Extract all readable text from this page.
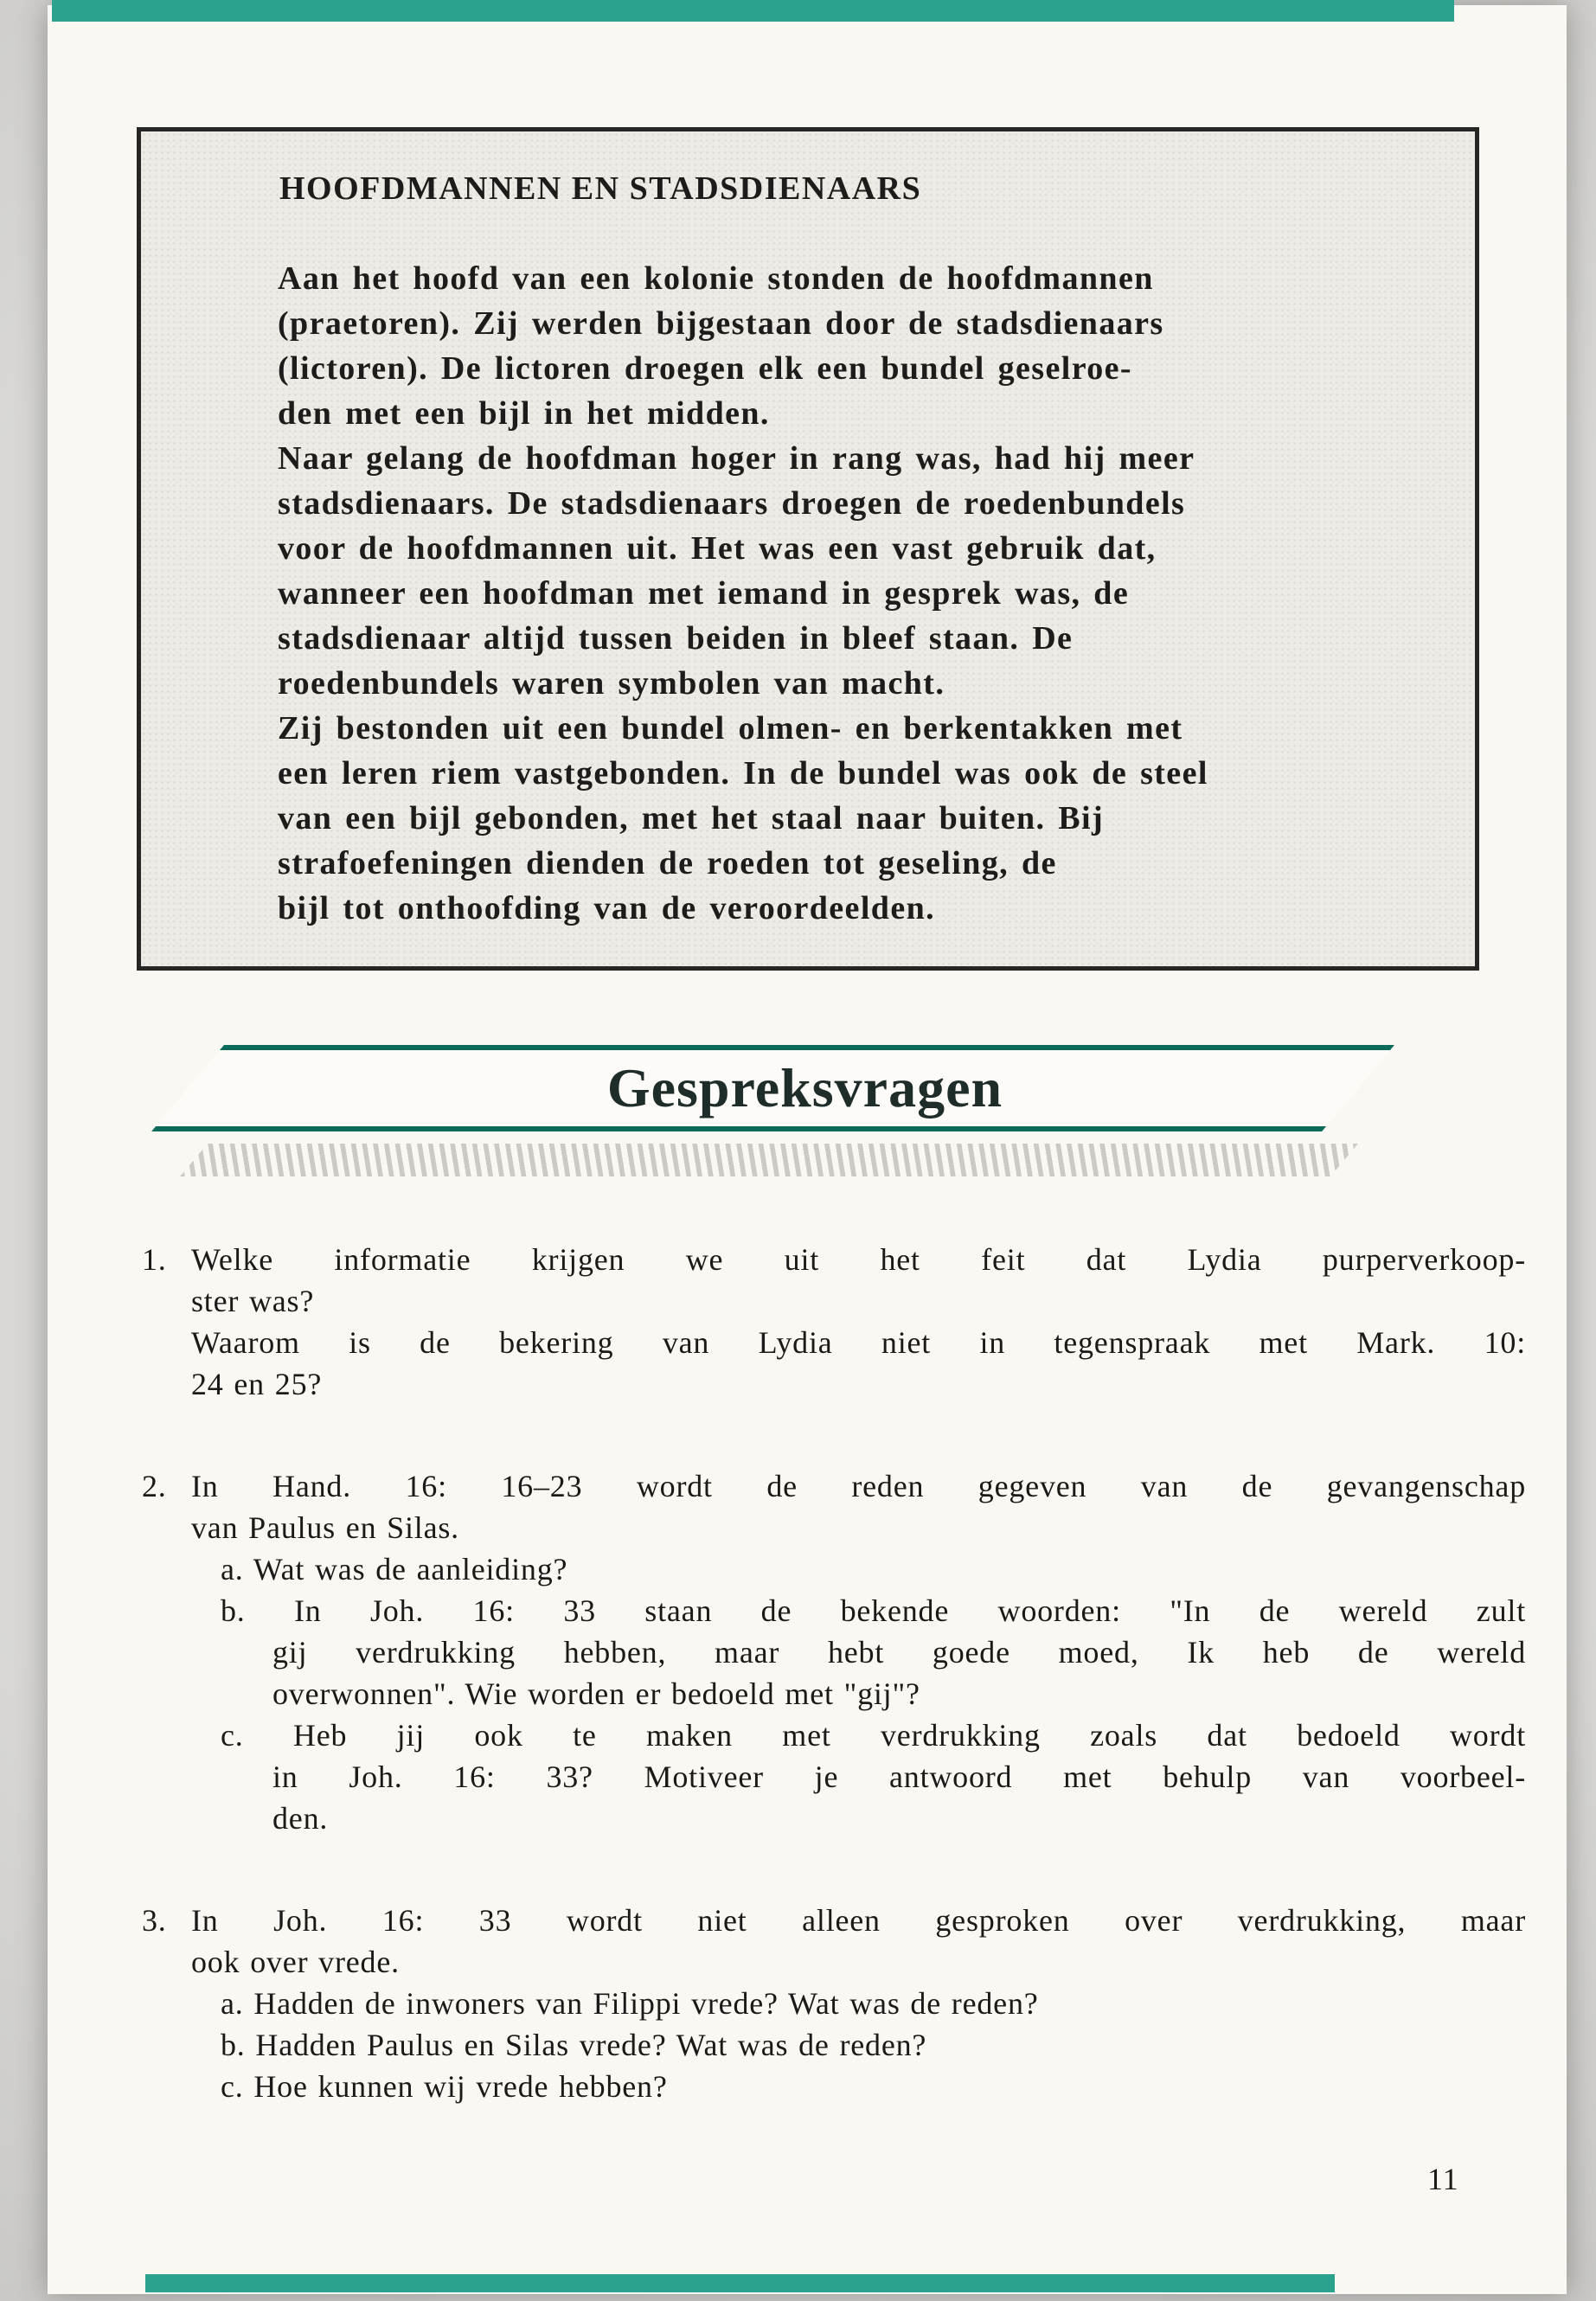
HOOFDMANNEN EN STADSDIENAARS
Aan het hoofd van een kolonie stonden de hoofdmannen
(praetoren). Zij werden bijgestaan door de stadsdienaars
(lictoren). De lictoren droegen elk een bundel geselroe-
den met een bijl in het midden.
Naar gelang de hoofdman hoger in rang was, had hij meer
stadsdienaars. De stadsdienaars droegen de roedenbundels
voor de hoofdmannen uit. Het was een vast gebruik dat,
wanneer een hoofdman met iemand in gesprek was, de
stadsdienaar altijd tussen beiden in bleef staan. De
roedenbundels waren symbolen van macht.
Zij bestonden uit een bundel olmen- en berkentakken met
een leren riem vastgebonden. In de bundel was ook de steel
van een bijl gebonden, met het staal naar buiten. Bij
strafoefeningen dienden de roeden tot geseling, de
bijl tot onthoofding van de veroordeelden.
Gespreksvragen
1. Welke informatie krijgen we uit het feit dat Lydia purperverkoop-
ster was?
Waarom is de bekering van Lydia niet in tegenspraak met Mark. 10:
24 en 25?
2. In Hand. 16: 16–23 wordt de reden gegeven van de gevangenschap
van Paulus en Silas.
a. Wat was de aanleiding?
b. In Joh. 16: 33 staan de bekende woorden: "In de wereld zult
gij verdrukking hebben, maar hebt goede moed, Ik heb de wereld
overwonnen". Wie worden er bedoeld met "gij"?
c. Heb jij ook te maken met verdrukking zoals dat bedoeld wordt
in Joh. 16: 33? Motiveer je antwoord met behulp van voorbeel-
den.
3. In Joh. 16: 33 wordt niet alleen gesproken over verdrukking, maar
ook over vrede.
a. Hadden de inwoners van Filippi vrede? Wat was de reden?
b. Hadden Paulus en Silas vrede? Wat was de reden?
c. Hoe kunnen wij vrede hebben?
11
